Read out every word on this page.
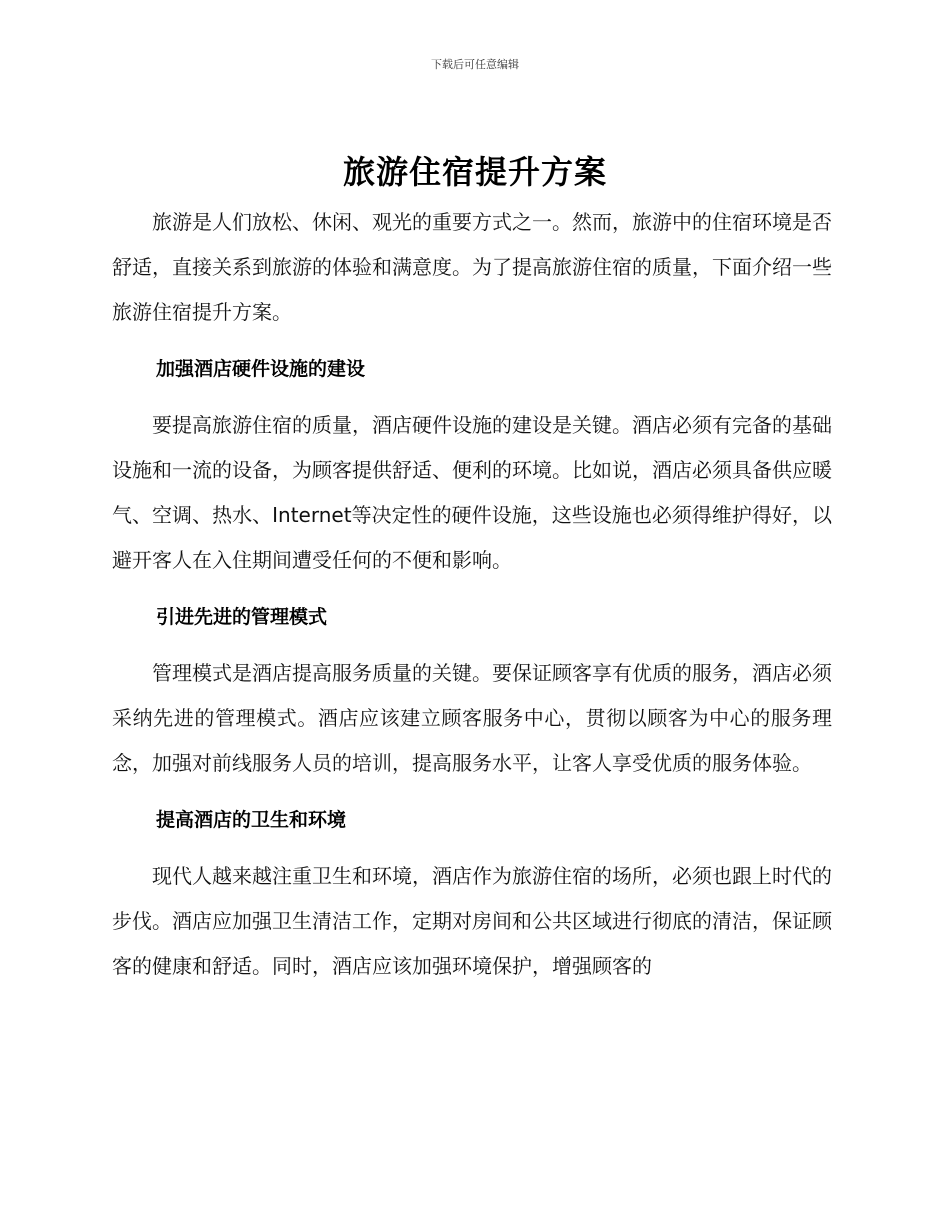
下载后可任意编辑
旅游住宿提升方案

旅游是人们放松、休闲、观光的重要方式之一。然而，旅游中的住宿环境是否舒适，直接关系到旅游的体验和满意度。为了提高旅游住宿的质量，下面介绍一些旅游住宿提升方案。

加强酒店硬件设施的建设

要提高旅游住宿的质量，酒店硬件设施的建设是关键。酒店必须有完备的基础设施和一流的设备，为顾客提供舒适、便利的环境。比如说，酒店必须具备供应暖气、空调、热水、Internet等决定性的硬件设施，这些设施也必须得维护得好，以避开客人在入住期间遭受任何的不便和影响。

引进先进的管理模式

管理模式是酒店提高服务质量的关键。要保证顾客享有优质的服务，酒店必须采纳先进的管理模式。酒店应该建立顾客服务中心，贯彻以顾客为中心的服务理念，加强对前线服务人员的培训，提高服务水平，让客人享受优质的服务体验。

提高酒店的卫生和环境

现代人越来越注重卫生和环境，酒店作为旅游住宿的场所，必须也跟上时代的步伐。酒店应加强卫生清洁工作，定期对房间和公共区域进行彻底的清洁，保证顾客的健康和舒适。同时，酒店应该加强环境保护，增强顾客的
